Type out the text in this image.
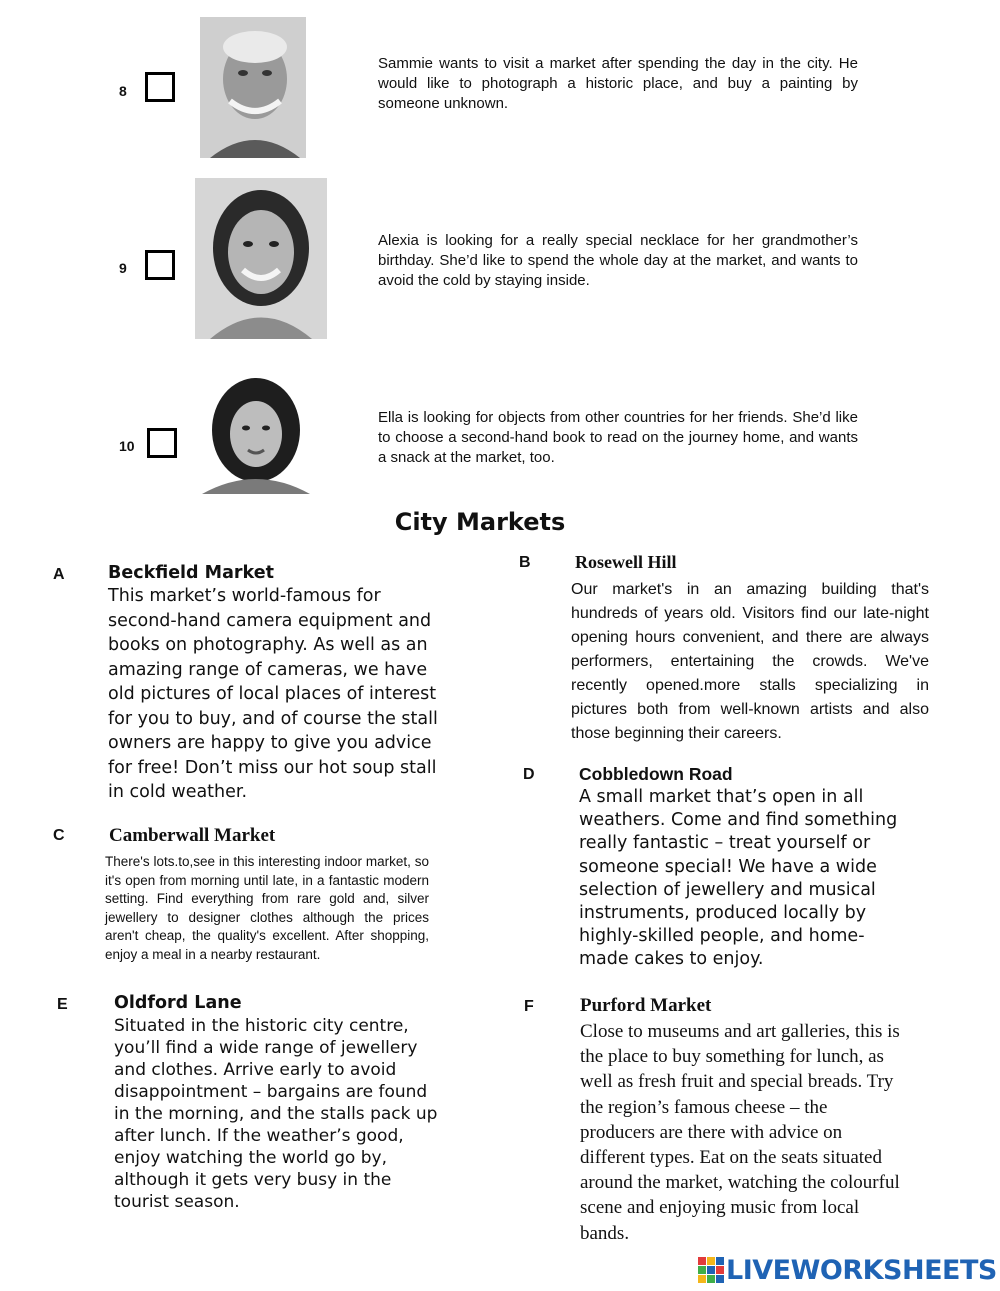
8
Sammie wants to visit a market after spending the day in the city. He would like to photograph a historic place, and buy a painting by someone unknown.
9
Alexia is looking for a really special necklace for her grandmother’s birthday. She’d like to spend the whole day at the market, and wants to avoid the cold by staying inside.
10
Ella is looking for objects from other countries for her friends. She’d like to choose a second-hand book to read on the journey home, and wants a snack at the market, too.
City Markets
A Beckfield Market
This market’s world-famous for second-hand camera equipment and books on photography. As well as an amazing range of cameras, we have old pictures of local places of interest for you to buy, and of course the stall owners are happy to give you advice for free! Don’t miss our hot soup stall in cold weather.
B Rosewell Hill
Our market's in an amazing building that's hundreds of years old. Visitors find our late-night opening hours convenient, and there are always performers, entertaining the crowds. We've recently opened.more stalls specializing in pictures both from well-known artists and also those beginning their careers.
C Camberwall Market
There's lots.to,see in this interesting indoor market, so it's open from morning until late, in a fantastic modern setting. Find everything from rare gold and, silver jewellery to designer clothes although the prices aren't cheap, the quality's excellent. After shopping, enjoy a meal in a nearby restaurant.
D	Cobbledown Road
A small market that’s open in all weathers. Come and find something really fantastic – treat yourself or someone special! We have a wide selection of jewellery and musical instruments, produced locally by highly-skilled people, and home-made cakes to enjoy.
E	Oldford Lane
Situated in the historic city centre, you’ll find a wide range of jewellery and clothes. Arrive early to avoid disappointment – bargains are found in the morning, and the stalls pack up after lunch. If the weather’s good, enjoy watching the world go by, although it gets very busy in the tourist season.
F Purford Market
Close to museums and art galleries, this is the place to buy something for lunch, as well as fresh fruit and special breads. Try the region’s famous cheese – the producers are there with advice on different types. Eat on the seats situated around the market, watching the colourful scene and enjoying music from local bands.
LIVEWORKSHEETS
